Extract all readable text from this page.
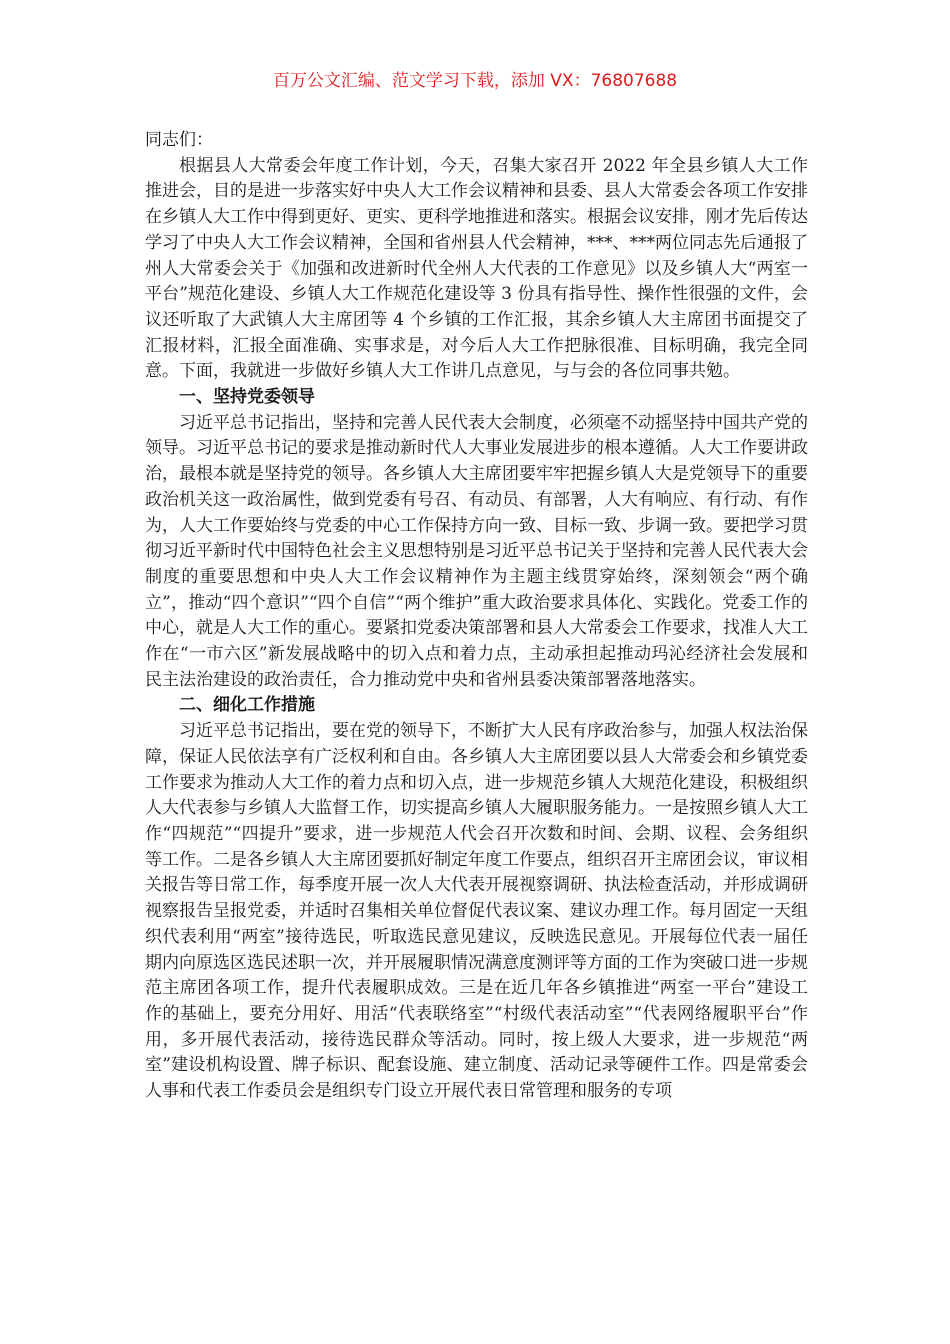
百万公文汇编、范文学习下载，添加 VX：76807688

同志们：

根据县人大常委会年度工作计划，今天，召集大家召开 2022 年全县乡镇人大工作推进会，目的是进一步落实好中央人大工作会议精神和县委、县人大常委会各项工作安排在乡镇人大工作中得到更好、更实、更科学地推进和落实。根据会议安排，刚才先后传达学习了中央人大工作会议精神，全国和省州县人代会精神，***、***两位同志先后通报了州人大常委会关于《加强和改进新时代全州人大代表的工作意见》以及乡镇人大“两室一平台”规范化建设、乡镇人大工作规范化建设等 3 份具有指导性、操作性很强的文件，会议还听取了大武镇人大主席团等 4 个乡镇的工作汇报，其余乡镇人大主席团书面提交了汇报材料，汇报全面准确、实事求是，对今后人大工作把脉很准、目标明确，我完全同意。下面，我就进一步做好乡镇人大工作讲几点意见，与与会的各位同事共勉。

一、坚持党委领导

习近平总书记指出，坚持和完善人民代表大会制度，必须毫不动摇坚持中国共产党的领导。习近平总书记的要求是推动新时代人大事业发展进步的根本遵循。人大工作要讲政治，最根本就是坚持党的领导。各乡镇人大主席团要牢牢把握乡镇人大是党领导下的重要政治机关这一政治属性，做到党委有号召、有动员、有部署，人大有响应、有行动、有作为，人大工作要始终与党委的中心工作保持方向一致、目标一致、步调一致。要把学习贯彻习近平新时代中国特色社会主义思想特别是习近平总书记关于坚持和完善人民代表大会制度的重要思想和中央人大工作会议精神作为主题主线贯穿始终，深刻领会“两个确立”，推动“四个意识”“四个自信”“两个维护”重大政治要求具体化、实践化。党委工作的中心，就是人大工作的重心。要紧扣党委决策部署和县人大常委会工作要求，找准人大工作在“一市六区”新发展战略中的切入点和着力点，主动承担起推动玛沁经济社会发展和民主法治建设的政治责任，合力推动党中央和省州县委决策部署落地落实。

二、细化工作措施

习近平总书记指出，要在党的领导下，不断扩大人民有序政治参与，加强人权法治保障，保证人民依法享有广泛权利和自由。各乡镇人大主席团要以县人大常委会和乡镇党委工作要求为推动人大工作的着力点和切入点，进一步规范乡镇人大规范化建设，积极组织人大代表参与乡镇人大监督工作，切实提高乡镇人大履职服务能力。一是按照乡镇人大工作“四规范”“四提升”要求，进一步规范人代会召开次数和时间、会期、议程、会务组织等工作。二是各乡镇人大主席团要抓好制定年度工作要点，组织召开主席团会议，审议相关报告等日常工作，每季度开展一次人大代表开展视察调研、执法检查活动，并形成调研视察报告呈报党委，并适时召集相关单位督促代表议案、建议办理工作。每月固定一天组织代表利用“两室”接待选民，听取选民意见建议，反映选民意见。开展每位代表一届任期内向原选区选民述职一次，并开展履职情况满意度测评等方面的工作为突破口进一步规范主席团各项工作，提升代表履职成效。三是在近几年各乡镇推进“两室一平台”建设工作的基础上，要充分用好、用活“代表联络室”“村级代表活动室”“代表网络履职平台”作用，多开展代表活动，接待选民群众等活动。同时，按上级人大要求，进一步规范“两室”建设机构设置、牌子标识、配套设施、建立制度、活动记录等硬件工作。四是常委会人事和代表工作委员会是组织专门设立开展代表日常管理和服务的专项
